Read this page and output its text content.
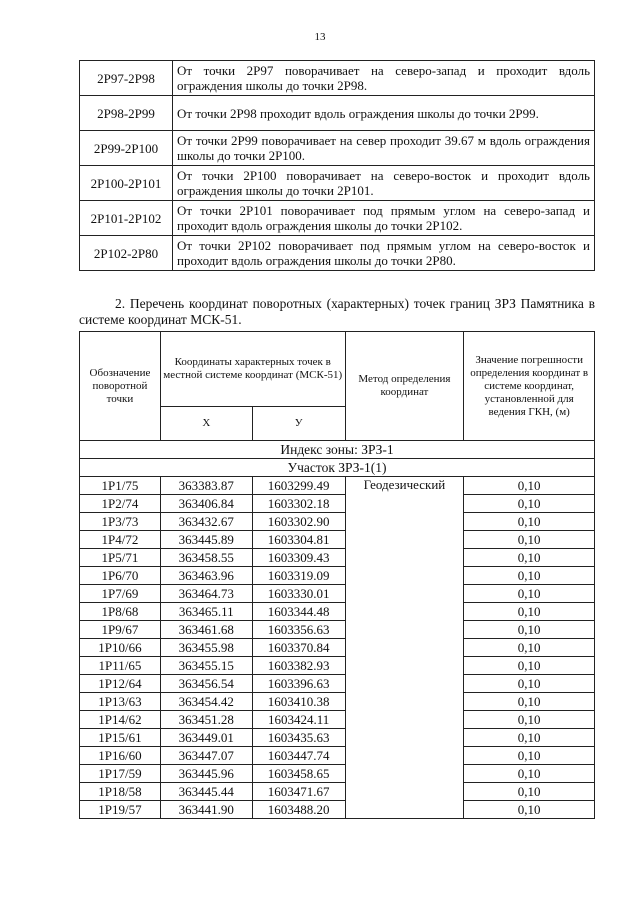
13
2Р97-2Р98	От точки 2Р97 поворачивает на северо-запад и проходит вдоль ограждения школы до точки 2Р98.
2Р98-2Р99	От точки 2Р98 проходит вдоль ограждения школы до точки 2Р99.
2Р99-2Р100	От точки 2Р99 поворачивает на север проходит 39.67 м вдоль ограждения школы до точки 2Р100.
2Р100-2Р101	От точки 2Р100 поворачивает на северо-восток и проходит вдоль ограждения школы до точки 2Р101.
2Р101-2Р102	От точки 2Р101 поворачивает под прямым углом на северо-запад и проходит вдоль ограждения школы до точки 2Р102.
2Р102-2Р80	От точки 2Р102 поворачивает под прямым углом на северо-восток и проходит вдоль ограждения школы до точки 2Р80.
2. Перечень координат поворотных (характерных) точек границ ЗРЗ Памятника в системе координат МСК-51.
Обозначение поворотной точки	Координаты характерных точек в местной системе координат (МСК-51)		Метод определения координат	Значение погрешности определения координат в системе координат, установленной для ведения ГКН, (м)
	Х	У		
Индекс зоны: ЗРЗ-1				
Участок ЗРЗ-1(1)				
1Р1/75	363383.87	1603299.49	Геодезический	0,10
1Р2/74	363406.84	1603302.18		0,10
1Р3/73	363432.67	1603302.90		0,10
1Р4/72	363445.89	1603304.81		0,10
1Р5/71	363458.55	1603309.43		0,10
1Р6/70	363463.96	1603319.09		0,10
1Р7/69	363464.73	1603330.01		0,10
1Р8/68	363465.11	1603344.48		0,10
1Р9/67	363461.68	1603356.63		0,10
1Р10/66	363455.98	1603370.84		0,10
1Р11/65	363455.15	1603382.93		0,10
1Р12/64	363456.54	1603396.63		0,10
1Р13/63	363454.42	1603410.38		0,10
1Р14/62	363451.28	1603424.11		0,10
1Р15/61	363449.01	1603435.63		0,10
1Р16/60	363447.07	1603447.74		0,10
1Р17/59	363445.96	1603458.65		0,10
1Р18/58	363445.44	1603471.67		0,10
1Р19/57	363441.90	1603488.20		0,10
